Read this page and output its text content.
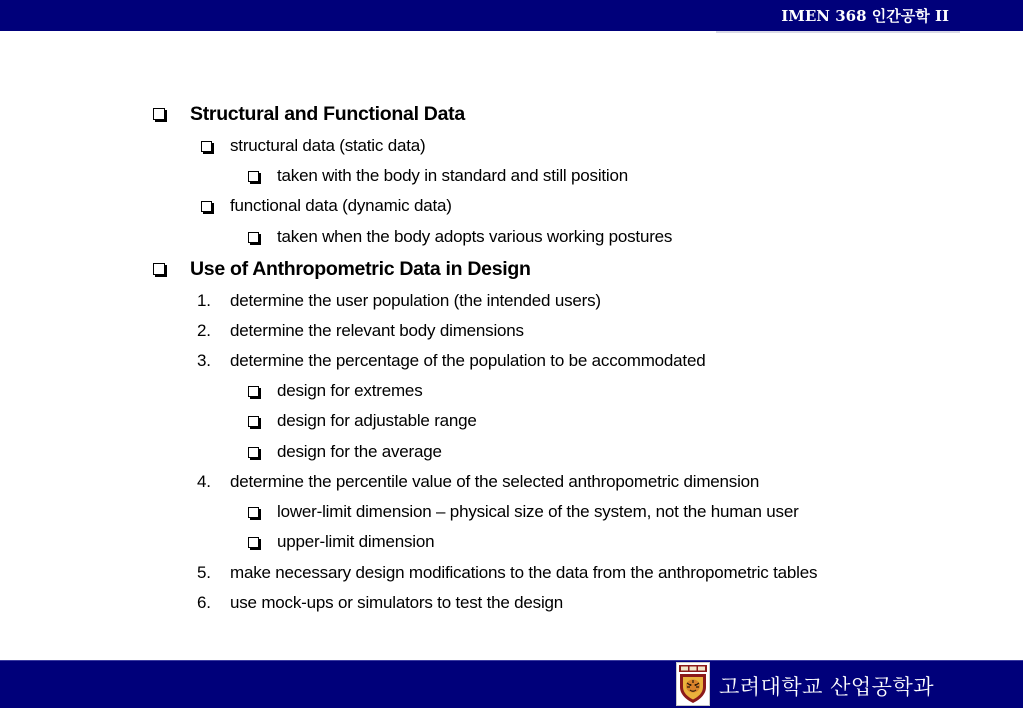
IMEN 368 인간공학 II
Structural and Functional Data
structural data (static data)
taken with the body in standard and still position
functional data (dynamic data)
taken when the body adopts various working postures
Use of Anthropometric Data in Design
1.	determine the user population (the intended users)
2.	determine the relevant body dimensions
3.	determine the percentage of the population to be accommodated
design for extremes
design for adjustable range
design for the average
4.	determine the percentile value of the selected anthropometric dimension
lower-limit dimension – physical size of the system, not the human user
upper-limit dimension
5.	make necessary design modifications to the data from the anthropometric tables
6.	use mock-ups or simulators to test the design
고려대학교 산업공학과
